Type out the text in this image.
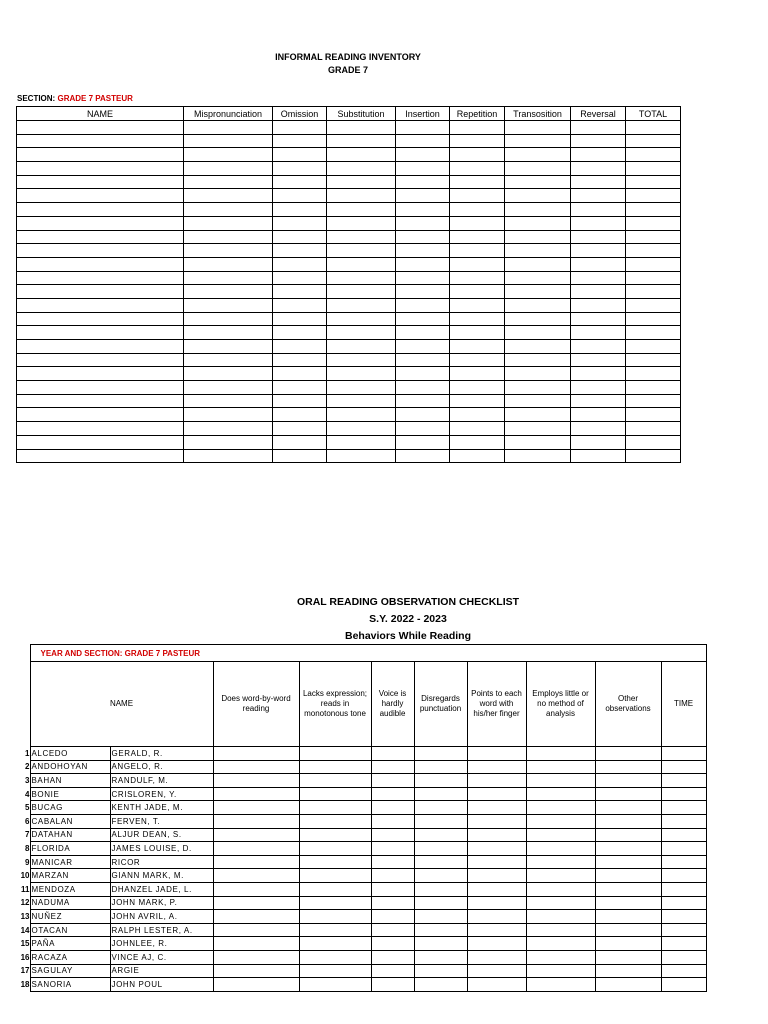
INFORMAL READING INVENTORY
GRADE 7
SECTION: GRADE 7 PASTEUR
NAME	Mispronunciation	Omission	Substitution	Insertion	Repetition	Transosition	Reversal	TOTAL

ORAL READING OBSERVATION CHECKLIST
S.Y. 2022 - 2023
Behaviors While Reading
	YEAR AND SECTION: GRADE 7 PASTEUR									
	NAME		Does word-by-word reading	Lacks expression; reads in monotonous tone	Voice is hardly audible	Disregards punctuation	Points to each word with his/her finger	Employs little or no method of analysis	Other observations	TIME
1	ALCEDO	GERALD, R.								
2	ANDOHOYAN	ANGELO, R.								
3	BAHAN	RANDULF, M.								
4	BONIE	CRISLOREN, Y.								
5	BUCAG	KENTH JADE, M.								
6	CABALAN	FERVEN, T.								
7	DATAHAN	ALJUR DEAN, S.								
8	FLORIDA	JAMES LOUISE, D.								
9	MANICAR	RICOR								
10	MARZAN	GIANN MARK, M.								
11	MENDOZA	DHANZEL JADE, L.								
12	NADUMA	JOHN MARK, P.								
13	NUÑEZ	JOHN AVRIL, A.								
14	OTACAN	RALPH LESTER, A.								
15	PAÑA	JOHNLEE, R.								
16	RACAZA	VINCE AJ, C.								
17	SAGULAY	ARGIE								
18	SANORIA	JOHN POUL								
